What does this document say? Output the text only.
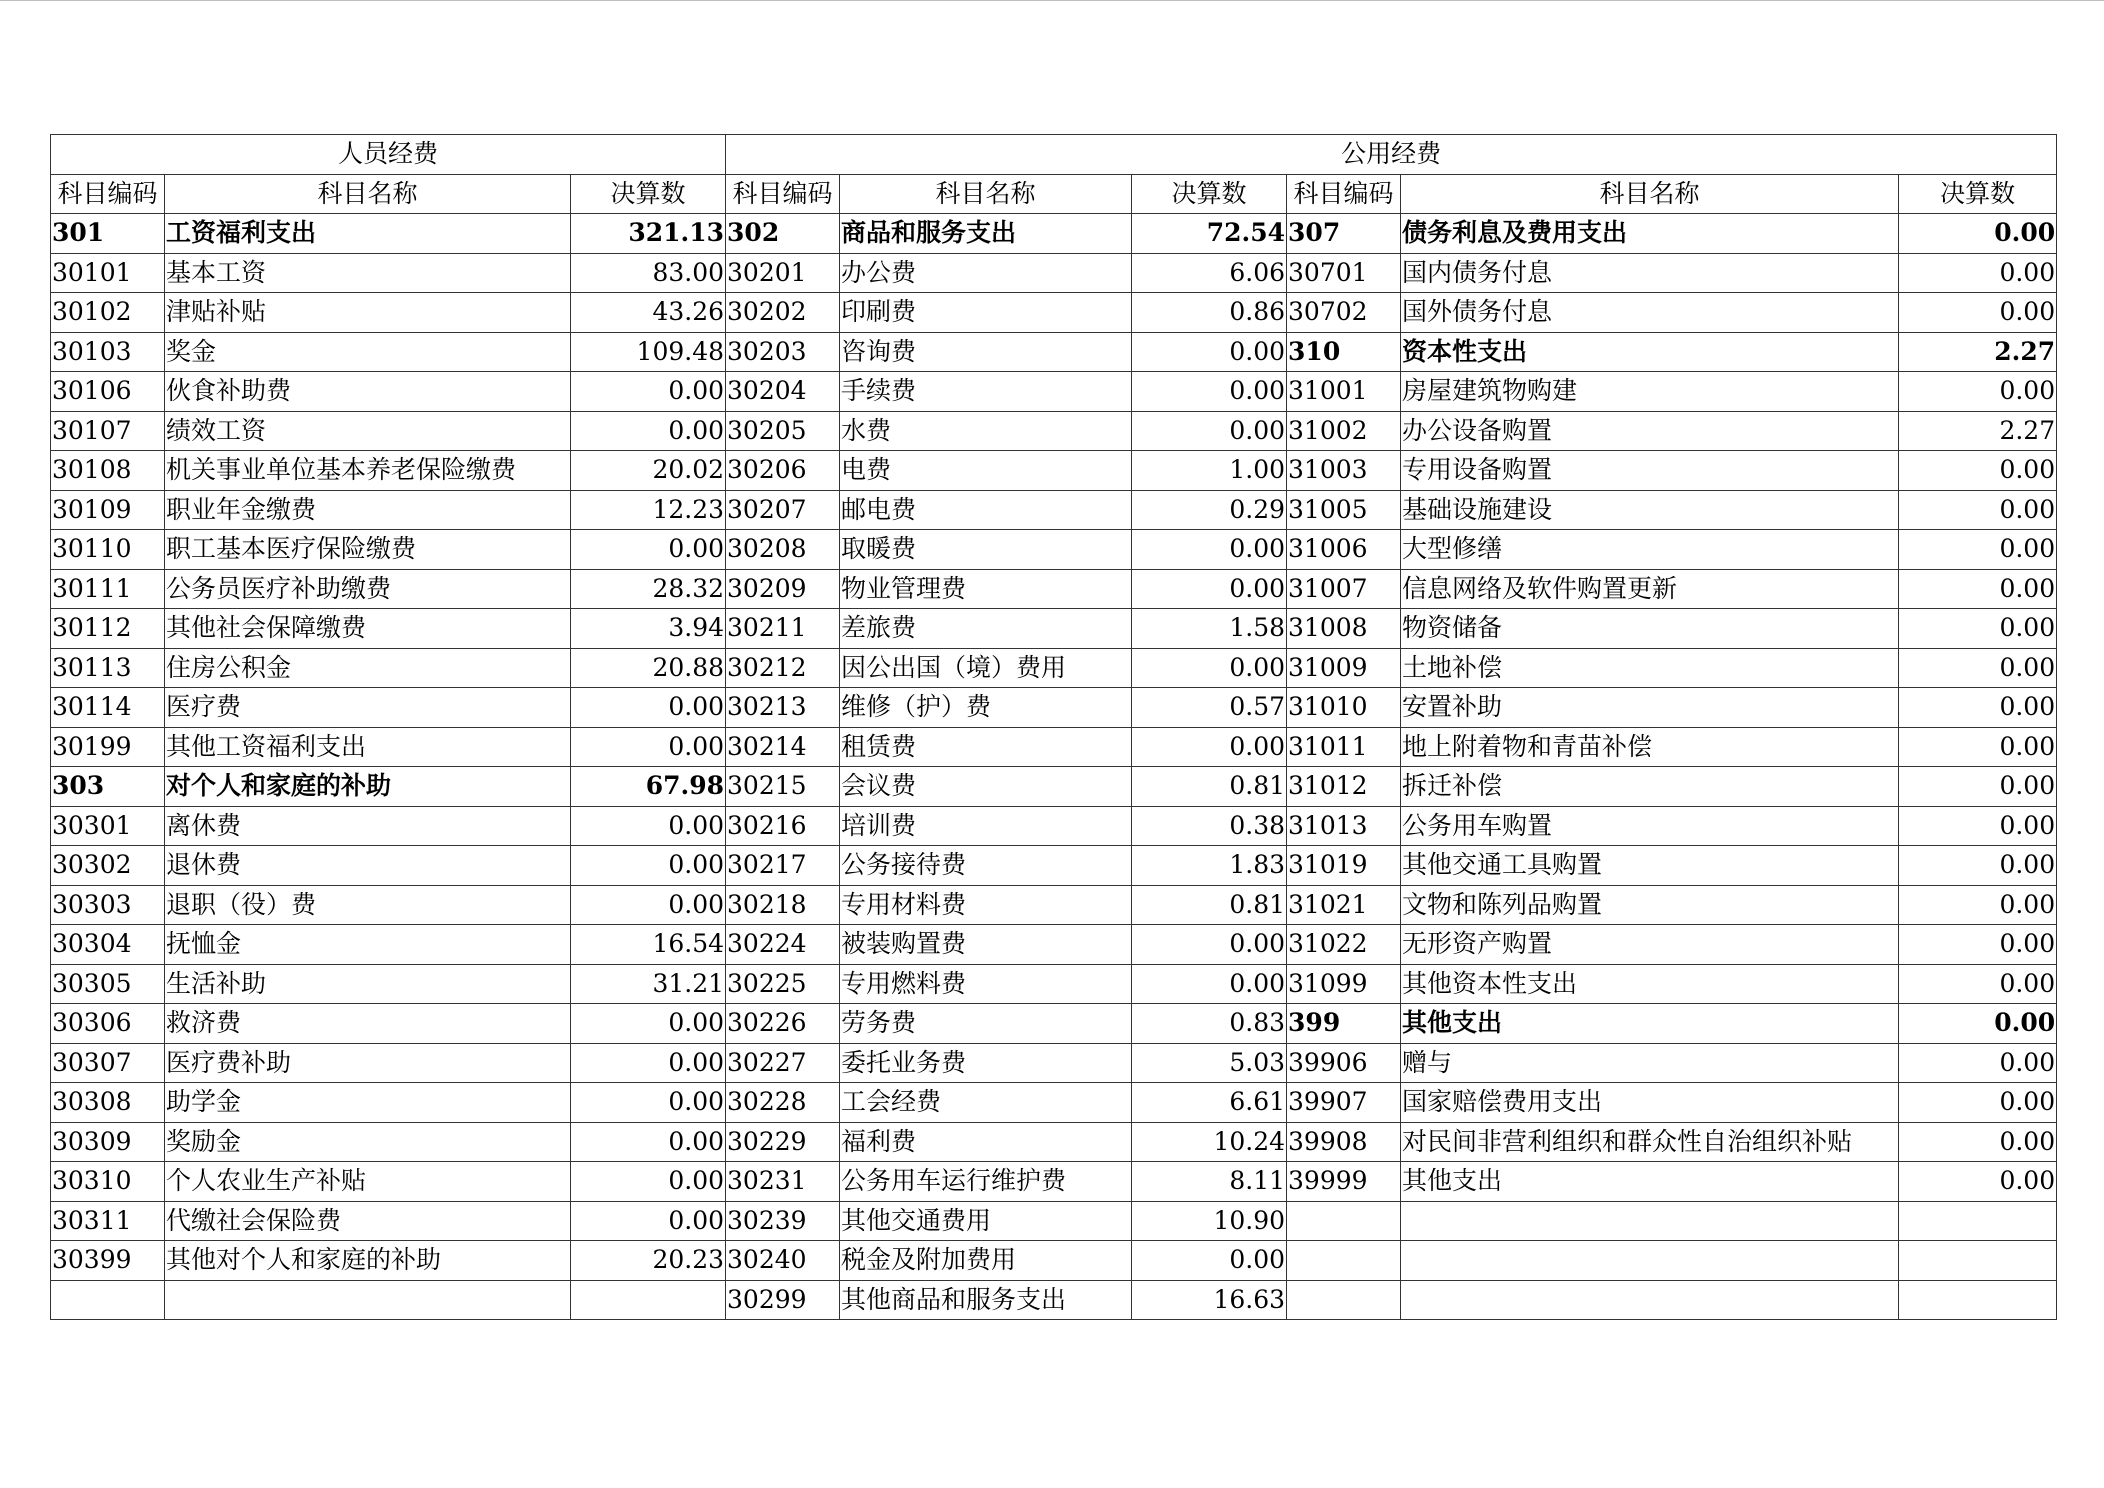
人员经费			公用经费					
科目编码	科目名称	决算数	科目编码	科目名称	决算数	科目编码	科目名称	决算数
301	工资福利支出	321.13	302	商品和服务支出	72.54	307	债务利息及费用支出	0.00
30101	基本工资	83.00	30201	办公费	6.06	30701	国内债务付息	0.00
30102	津贴补贴	43.26	30202	印刷费	0.86	30702	国外债务付息	0.00
30103	奖金	109.48	30203	咨询费	0.00	310	资本性支出	2.27
30106	伙食补助费	0.00	30204	手续费	0.00	31001	房屋建筑物购建	0.00
30107	绩效工资	0.00	30205	水费	0.00	31002	办公设备购置	2.27
30108	机关事业单位基本养老保险缴费	20.02	30206	电费	1.00	31003	专用设备购置	0.00
30109	职业年金缴费	12.23	30207	邮电费	0.29	31005	基础设施建设	0.00
30110	职工基本医疗保险缴费	0.00	30208	取暖费	0.00	31006	大型修缮	0.00
30111	公务员医疗补助缴费	28.32	30209	物业管理费	0.00	31007	信息网络及软件购置更新	0.00
30112	其他社会保障缴费	3.94	30211	差旅费	1.58	31008	物资储备	0.00
30113	住房公积金	20.88	30212	因公出国（境）费用	0.00	31009	土地补偿	0.00
30114	医疗费	0.00	30213	维修（护）费	0.57	31010	安置补助	0.00
30199	其他工资福利支出	0.00	30214	租赁费	0.00	31011	地上附着物和青苗补偿	0.00
303	对个人和家庭的补助	67.98	30215	会议费	0.81	31012	拆迁补偿	0.00
30301	离休费	0.00	30216	培训费	0.38	31013	公务用车购置	0.00
30302	退休费	0.00	30217	公务接待费	1.83	31019	其他交通工具购置	0.00
30303	退职（役）费	0.00	30218	专用材料费	0.81	31021	文物和陈列品购置	0.00
30304	抚恤金	16.54	30224	被装购置费	0.00	31022	无形资产购置	0.00
30305	生活补助	31.21	30225	专用燃料费	0.00	31099	其他资本性支出	0.00
30306	救济费	0.00	30226	劳务费	0.83	399	其他支出	0.00
30307	医疗费补助	0.00	30227	委托业务费	5.03	39906	赠与	0.00
30308	助学金	0.00	30228	工会经费	6.61	39907	国家赔偿费用支出	0.00
30309	奖励金	0.00	30229	福利费	10.24	39908	对民间非营利组织和群众性自治组织补贴	0.00
30310	个人农业生产补贴	0.00	30231	公务用车运行维护费	8.11	39999	其他支出	0.00
30311	代缴社会保险费	0.00	30239	其他交通费用	10.90			
30399	其他对个人和家庭的补助	20.23	30240	税金及附加费用	0.00			
			30299	其他商品和服务支出	16.63			
